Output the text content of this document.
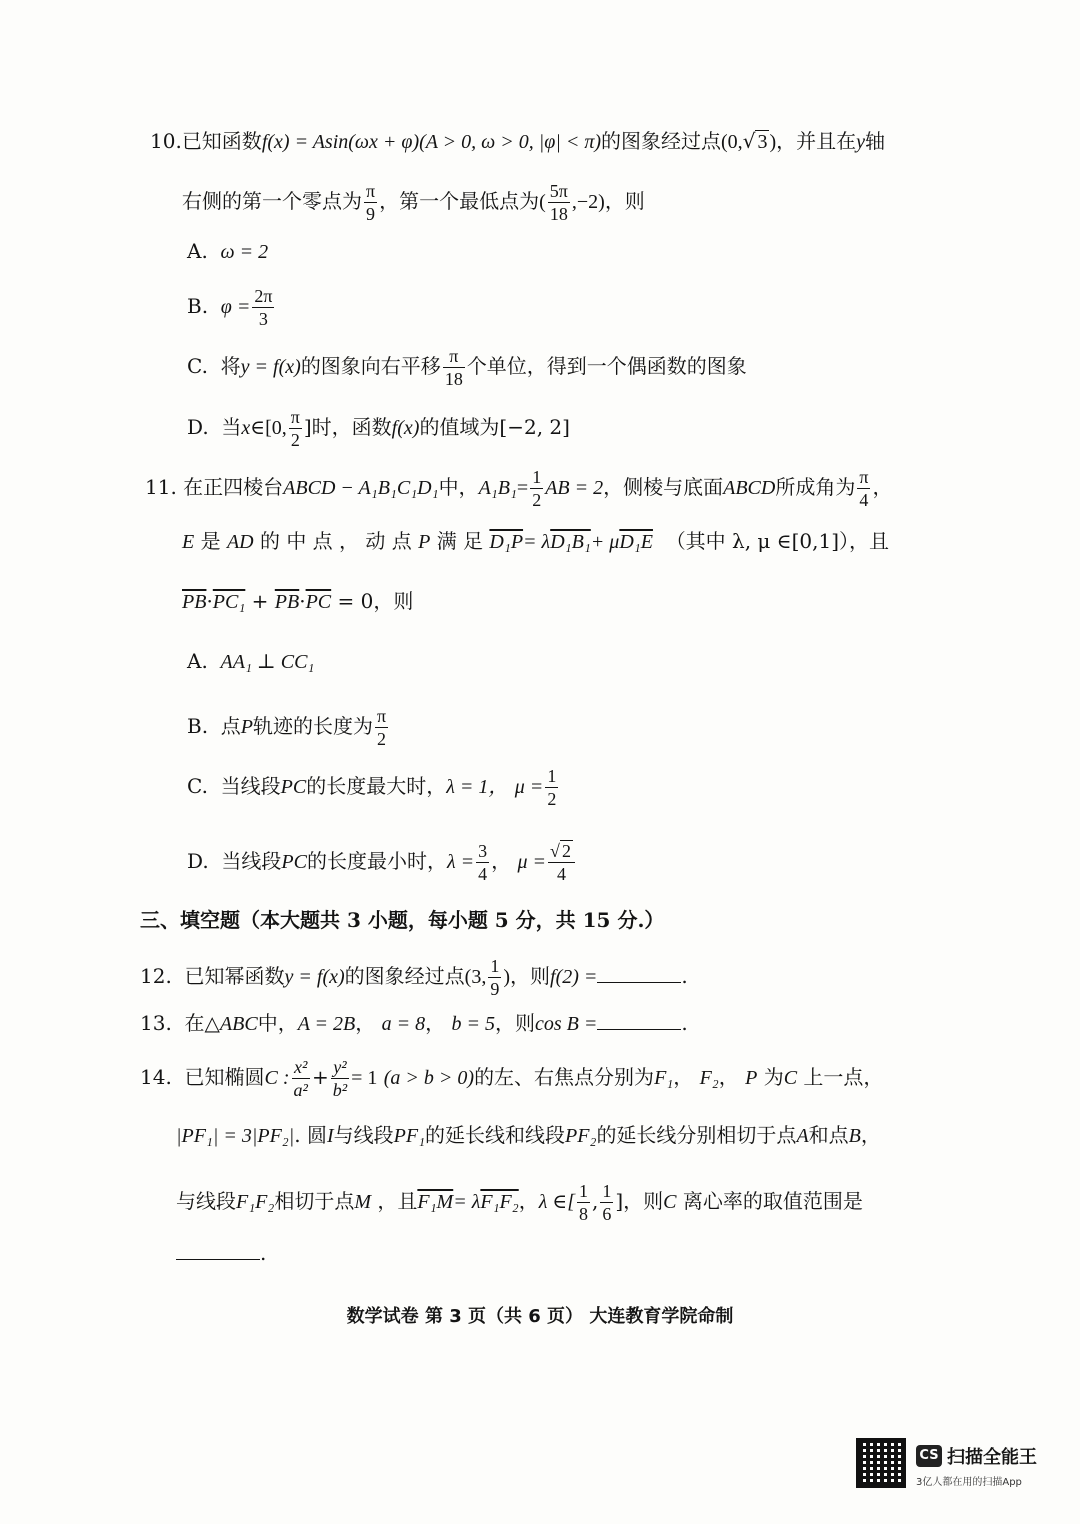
10.已知函数f(x) = Asin(ωx + φ)(A > 0, ω > 0, |φ| < π)的图象经过点(0,√ 3 )，并且在y轴
右侧的第一个零点为 $\frac{\pi}{9}$ ，第一个最低点为( $\frac{5\pi}{18} ,-2$)，则
A. ω = 2
B. $\varphi = \frac{2\pi}{3}$
C. 将y = f(x)的图象向右平移 $\frac{\pi}{18}$ 个单位，得到一个偶函数的图象
D. 当x∈[0, $\frac{\pi}{2}$ ]时，函数f(x)的值域为[−2, 2]
11. 在正四棱台ABCD − A₁B₁C₁D₁中，$A_1B_1= \frac{1}{2}$ AB = 2，侧棱与底面ABCD所成角为 $\frac{\pi}{4}$ ，
E 是 AD 的 中 点 ， 动 点 P 满 足 D₁P= λD₁B₁+ μD₁E （其中 λ, μ ∈[0,1]），且
$\overline{PB}\cdot PC_1 + \overline{PB}\cdot\overline{PC} = 0$，则
A. AA₁ ⊥ CC₁
B. 点P轨迹的长度为 $\frac{\pi}{2}$
C. 当线段PC的长度最大时，λ = 1， $\mu = \frac{1}{2}$
D. 当线段PC的长度最小时，$\lambda = \frac{3}{4}$ ， $\mu = \frac{√ 2}{4}$
三、填空题（本大题共 3 小题，每小题 5 分，共 15 分.）
12. 已知幂函数y = f(x)的图象经过点(3, $\frac{1}{9}$ )，则f(2) =	.
13. 在△ABC中，A = 2B， a = 8， b = 5，则cos B =	.
14. 已知椭圆C : $\frac{\text{x²}}{\text{a²}} + \frac{\text{y²}}{\text{b²}} = 1$ (a > b > 0)的左、右焦点分别为F₁， F₂， P 为C 上一点，
|PF₁| = 3|PF₂|. 圆I与线段PF₁的延长线和线段PF₂的延长线分别相切于点A和点B，
与线段F₁F₂相切于点M ，且F₁M= λF₁F₂，λ ∈[ $\frac{1}{8}$ , $\frac{1}{6}$ ]，则C 离心率的取值范围是
.
数学试卷 第 3 页（共 6 页） 大连教育学院命制
CS 扫描全能王
3亿人都在用的扫描App
